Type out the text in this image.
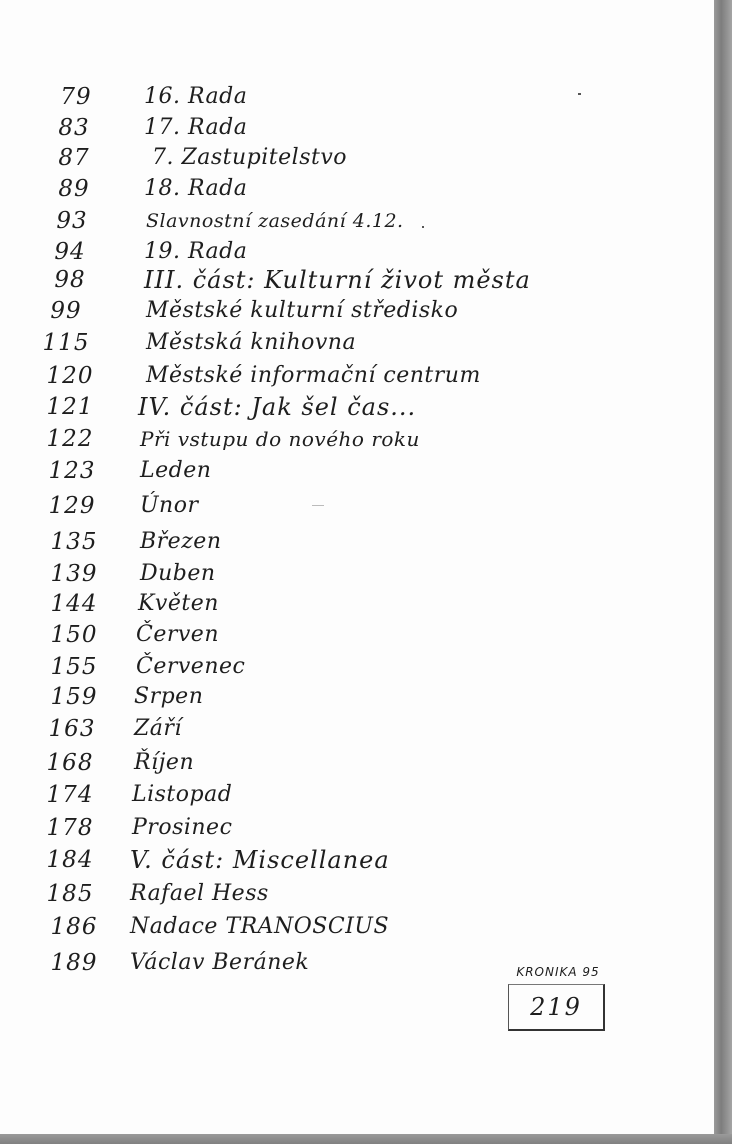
79	16. Rada
83	17. Rada
87	7. Zastupitelstvo
89	18. Rada
93	Slavnostní zasedání 4.12.
94	19. Rada
98	III. část: Kulturní život města
99	Městské kulturní středisko
115	Městská knihovna
120 Městské informační centrum
121 IV. část: Jak šel čas...
122	Při vstupu do nového roku
123 Leden
129 Únor
135 Březen
139 Duben
144 Květen
150 Červen
155 Červenec
159 Srpen
163 Září
168 Říjen
174 Listopad
178 Prosinec
184 V. část: Miscellanea
185 Rafael Hess
186 Nadace TRANOSCIUS
189 Václav Beránek	KRONIKA 95
219
